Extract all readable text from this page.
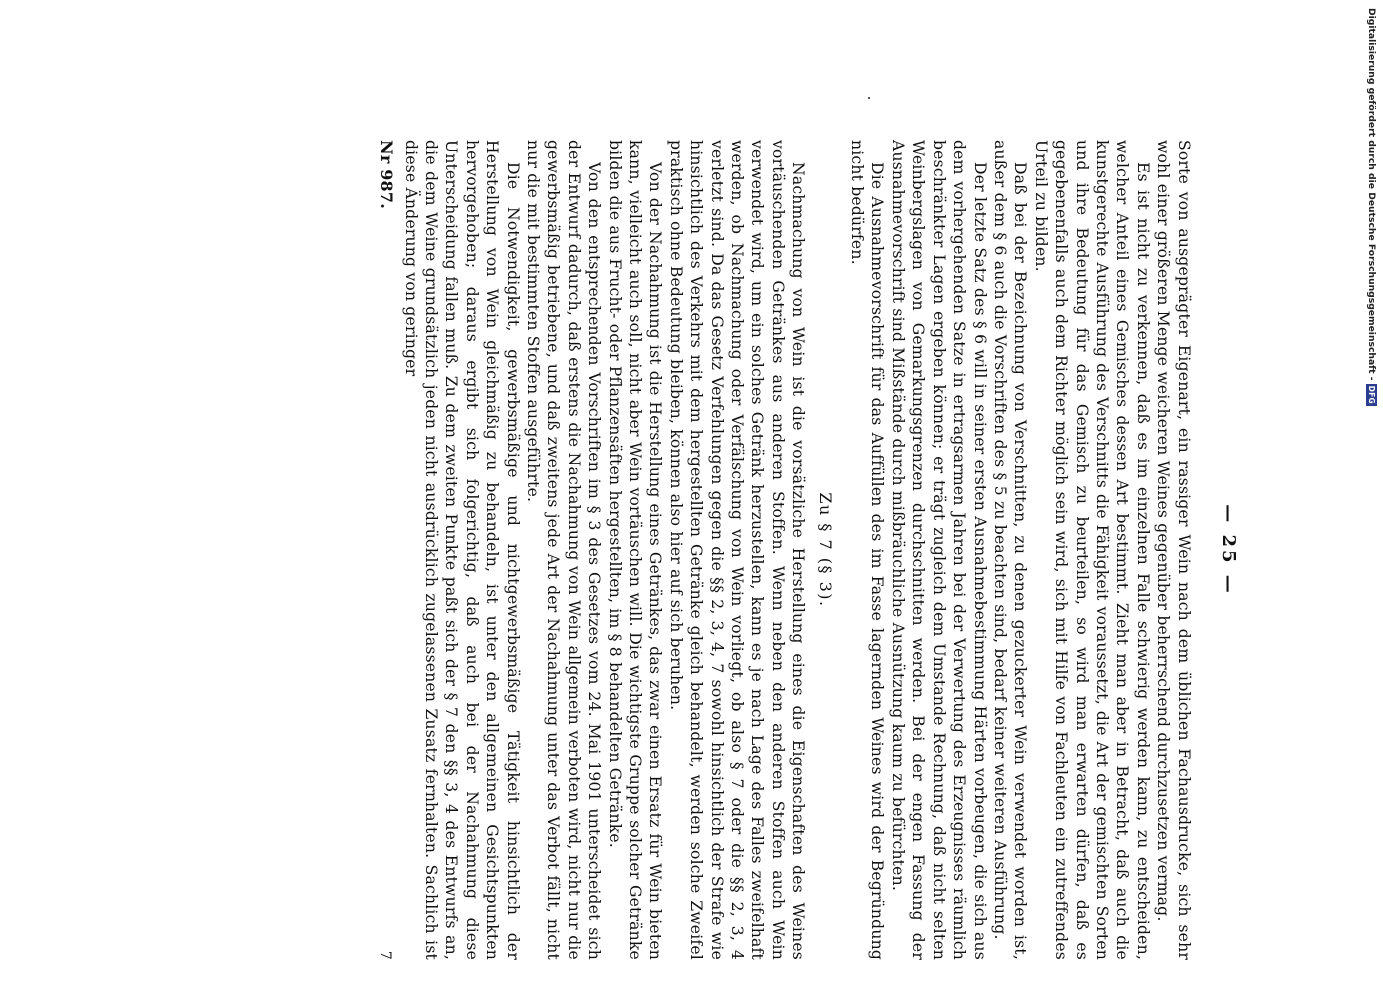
— 25 —

Sorte von ausgeprägter Eigenart, ein rassiger Wein nach dem üblichen Fachausdrucke, sich sehr wohl einer größeren Menge weicheren Weines gegenüber beherrschend durchzusetzen vermag.

Es ist nicht zu verkennen, daß es im einzelnen Falle schwierig werden kann, zu entscheiden, welcher Anteil eines Gemisches dessen Art bestimmt. Zieht man aber in Betracht, daß auch die kunstgerechte Ausführung des Verschnitts die Fähigkeit voraussetzt, die Art der gemischten Sorten und ihre Bedeutung für das Gemisch zu beurteilen, so wird man erwarten dürfen, daß es gegebenenfalls auch dem Richter möglich sein wird, sich mit Hilfe von Fachleuten ein zutreffendes Urteil zu bilden.

Daß bei der Bezeichnung von Verschnitten, zu denen gezuckerter Wein verwendet worden ist, außer dem § 6 auch die Vorschriften des § 5 zu beachten sind, bedarf keiner weiteren Ausführung.

Der letzte Satz des § 6 will in seiner ersten Ausnahmebestimmung Härten vorbeugen, die sich aus dem vorhergehenden Satze in ertragsarmen Jahren bei der Verwertung des Erzeugnisses räumlich beschränkter Lagen ergeben können; er trägt zugleich dem Umstande Rechnung, daß nicht selten Weinbergslagen von Gemarkungsgrenzen durchschnitten werden. Bei der engen Fassung der Ausnahmevorschrift sind Mißstände durch mißbräuchliche Ausnützung kaum zu befürchten.

Die Ausnahmevorschrift für das Auffüllen des im Fasse lagernden Weines wird der Begründung nicht bedürfen.

Zu § 7 (§ 3).

Nachmachung von Wein ist die vorsätzliche Herstellung eines die Eigenschaften des Weines vortäuschenden Getränkes aus anderen Stoffen. Wenn neben den anderen Stoffen auch Wein verwendet wird, um ein solches Getränk herzustellen, kann es je nach Lage des Falles zweifelhaft werden, ob Nachmachung oder Verfälschung von Wein vorliegt, ob also § 7 oder die §§ 2, 3, 4 verletzt sind. Da das Gesetz Verfehlungen gegen die §§ 2, 3, 4, 7 sowohl hinsichtlich der Strafe wie hinsichtlich des Verkehrs mit dem hergestellten Getränke gleich behandelt, werden solche Zweifel praktisch ohne Bedeutung bleiben, können also hier auf sich beruhen.

Von der Nachahmung ist die Herstellung eines Getränkes, das zwar einen Ersatz für Wein bieten kann, vielleicht auch soll, nicht aber Wein vortäuschen will. Die wichtigste Gruppe solcher Getränke bilden die aus Frucht- oder Pflanzensäften hergestellten, im § 8 behandelten Getränke.

Von den entsprechenden Vorschriften im § 3 des Gesetzes vom 24. Mai 1901 unterscheidet sich der Entwurf dadurch, daß erstens die Nachahmung von Wein allgemein verboten wird, nicht nur die gewerbsmäßig betriebene, und daß zweitens jede Art der Nachahmung unter das Verbot fällt, nicht nur die mit bestimmten Stoffen ausgeführte.

Die Notwendigkeit, gewerbsmäßige und nichtgewerbsmäßige Tätigkeit hinsichtlich der Herstellung von Wein gleichmäßig zu behandeln, ist unter den allgemeinen Gesichtspunkten hervorgehoben; daraus ergibt sich folgerichtig, daß auch bei der Nachahmung diese Unterscheidung fallen muß. Zu dem zweiten Punkte paßt sich der § 7 den §§ 3, 4 des Entwurfs an, die dem Weine grundsätzlich jeden nicht ausdrücklich zugelassenen Zusatz fernhalten. Sachlich ist diese Änderung von geringer

Nr 987.
7
Digitalisierung gefördert durch die Deutsche Forschungsgemeinschaft -
DFG
